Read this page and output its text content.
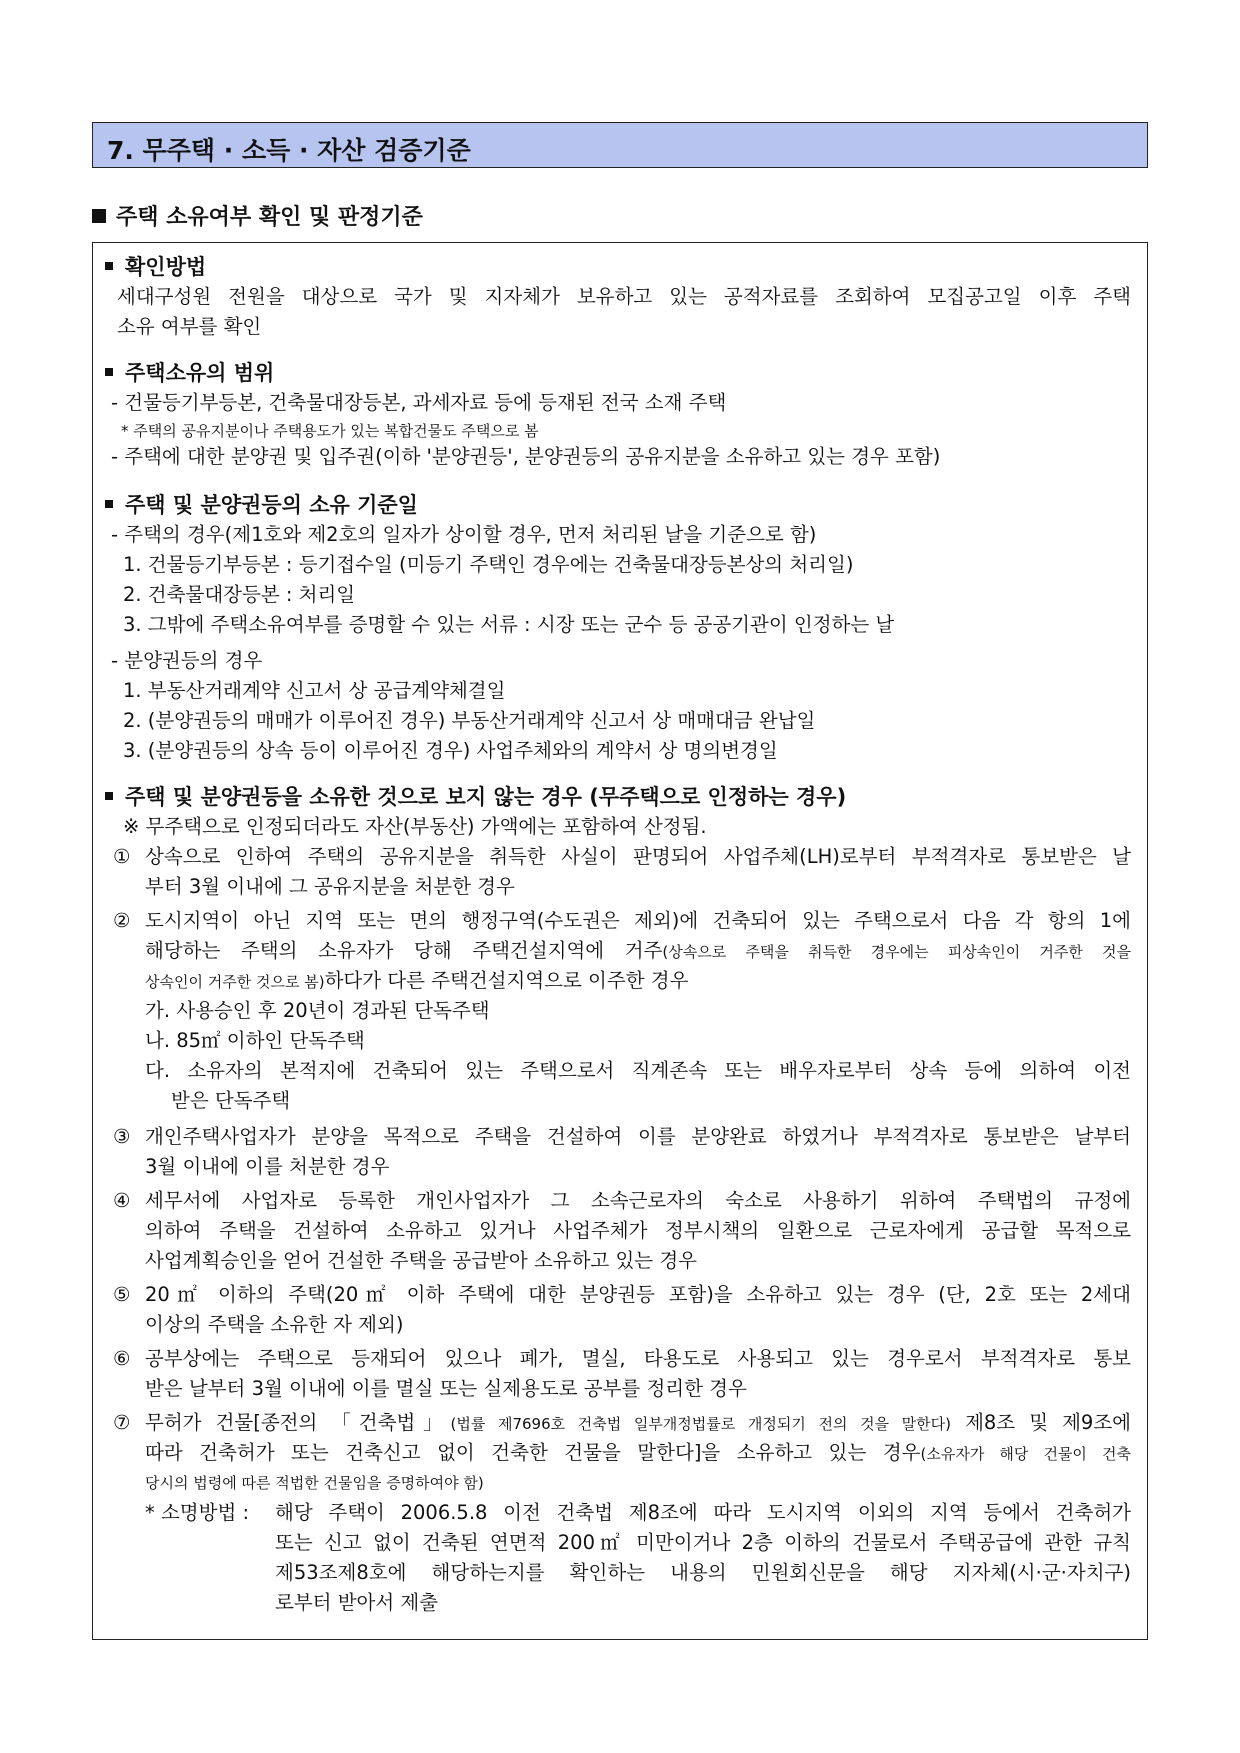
7. 무주택 · 소득 · 자산 검증기준
주택 소유여부 확인 및 판정기준
확인방법
세대구성원 전원을 대상으로 국가 및 지자체가 보유하고 있는 공적자료를 조회하여 모집공고일 이후 주택
소유 여부를 확인
주택소유의 범위
- 건물등기부등본, 건축물대장등본, 과세자료 등에 등재된 전국 소재 주택
* 주택의 공유지분이나 주택용도가 있는 복합건물도 주택으로 봄
- 주택에 대한 분양권 및 입주권(이하 '분양권등', 분양권등의 공유지분을 소유하고 있는 경우 포함)
주택 및 분양권등의 소유 기준일
- 주택의 경우(제1호와 제2호의 일자가 상이할 경우, 먼저 처리된 날을 기준으로 함)
1. 건물등기부등본 : 등기접수일 (미등기 주택인 경우에는 건축물대장등본상의 처리일)
2. 건축물대장등본 : 처리일
3. 그밖에 주택소유여부를 증명할 수 있는 서류 : 시장 또는 군수 등 공공기관이 인정하는 날
- 분양권등의 경우
1. 부동산거래계약 신고서 상 공급계약체결일
2. (분양권등의 매매가 이루어진 경우) 부동산거래계약 신고서 상 매매대금 완납일
3. (분양권등의 상속 등이 이루어진 경우) 사업주체와의 계약서 상 명의변경일
주택 및 분양권등을 소유한 것으로 보지 않는 경우 (무주택으로 인정하는 경우)
※ 무주택으로 인정되더라도 자산(부동산) 가액에는 포함하여 산정됨.
① 상속으로 인하여 주택의 공유지분을 취득한 사실이 판명되어 사업주체(LH)로부터 부적격자로 통보받은 날
부터 3월 이내에 그 공유지분을 처분한 경우
② 도시지역이 아닌 지역 또는 면의 행정구역(수도권은 제외)에 건축되어 있는 주택으로서 다음 각 항의 1에
해당하는 주택의 소유자가 당해 주택건설지역에 거주(상속으로 주택을 취득한 경우에는 피상속인이 거주한 것을
상속인이 거주한 것으로 봄)하다가 다른 주택건설지역으로 이주한 경우
가. 사용승인 후 20년이 경과된 단독주택
나. 85㎡ 이하인 단독주택
다. 소유자의 본적지에 건축되어 있는 주택으로서 직계존속 또는 배우자로부터 상속 등에 의하여 이전
받은 단독주택
③ 개인주택사업자가 분양을 목적으로 주택을 건설하여 이를 분양완료 하였거나 부적격자로 통보받은 날부터
3월 이내에 이를 처분한 경우
④ 세무서에 사업자로 등록한 개인사업자가 그 소속근로자의 숙소로 사용하기 위하여 주택법의 규정에
의하여 주택을 건설하여 소유하고 있거나 사업주체가 정부시책의 일환으로 근로자에게 공급할 목적으로
사업계획승인을 얻어 건설한 주택을 공급받아 소유하고 있는 경우
⑤ 20㎡ 이하의 주택(20㎡ 이하 주택에 대한 분양권등 포함)을 소유하고 있는 경우 (단, 2호 또는 2세대
이상의 주택을 소유한 자 제외)
⑥ 공부상에는 주택으로 등재되어 있으나 폐가, 멸실, 타용도로 사용되고 있는 경우로서 부적격자로 통보
받은 날부터 3월 이내에 이를 멸실 또는 실제용도로 공부를 정리한 경우
⑦ 무허가 건물[종전의 「건축법」(법률 제7696호 건축법 일부개정법률로 개정되기 전의 것을 말한다) 제8조 및 제9조에
따라 건축허가 또는 건축신고 없이 건축한 건물을 말한다]을 소유하고 있는 경우(소유자가 해당 건물이 건축
당시의 법령에 따른 적법한 건물임을 증명하여야 함)
* 소명방법 : 해당 주택이 2006.5.8 이전 건축법 제8조에 따라 도시지역 이외의 지역 등에서 건축허가
또는 신고 없이 건축된 연면적 200㎡ 미만이거나 2층 이하의 건물로서 주택공급에 관한 규칙
제53조제8호에 해당하는지를 확인하는 내용의 민원회신문을 해당 지자체(시·군·자치구)
로부터 받아서 제출
